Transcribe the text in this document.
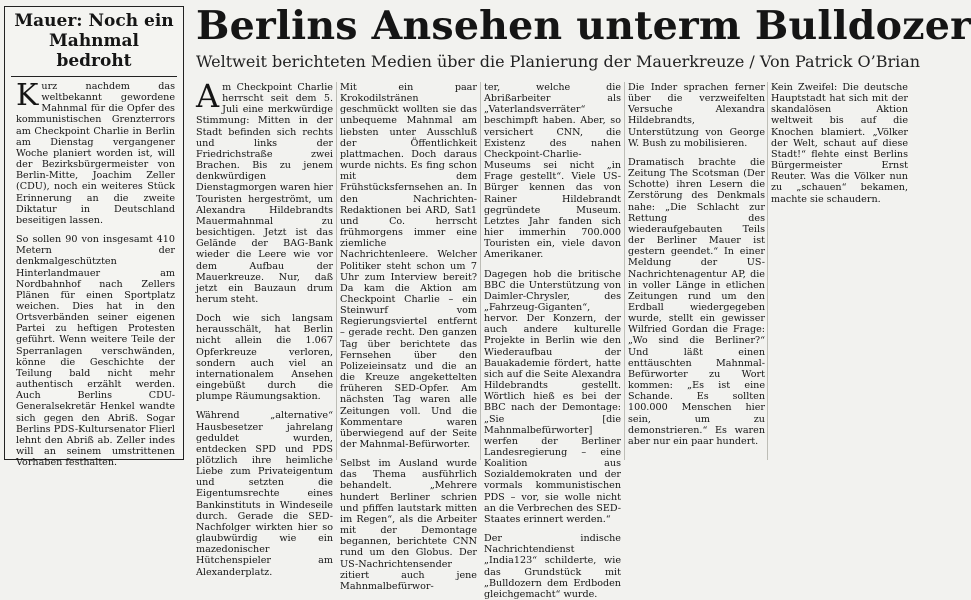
Mauer: Noch ein Mahnmal bedroht

Kurz nachdem das weltbekannt gewordene Mahnmal für die Opfer des kommunistischen Grenzterrors am Checkpoint Charlie in Berlin am Dienstag vergangener Woche planiert worden ist, will der Bezirksbürgermeister von Berlin-Mitte, Joachim Zeller (CDU), noch ein weiteres Stück Erinnerung an die zweite Diktatur in Deutschland beseitigen lassen.

So sollen 90 von insgesamt 410 Metern der denkmalgeschützten Hinterlandmauer am Nordbahnhof nach Zellers Plänen für einen Sportplatz weichen. Dies hat in den Ortsverbänden seiner eigenen Partei zu heftigen Protesten geführt. Wenn weitere Teile der Sperranlagen verschwänden, könne die Geschichte der Teilung bald nicht mehr authentisch erzählt werden. Auch Berlins CDU-Generalsekretär Henkel wandte sich gegen den Abriß. Sogar Berlins PDS-Kultursenator Flierl lehnt den Abriß ab. Zeller indes will an seinem umstrittenen Vorhaben festhalten.

Berlins Ansehen unterm Bulldozer
Weltweit berichteten Medien über die Planierung der Mauerkreuze / Von Patrick O’Brian

Am Checkpoint Charlie herrscht seit dem 5. Juli eine merkwürdige Stimmung: Mitten in der Stadt befinden sich rechts und links der Friedrichstraße zwei Brachen. Bis zu jenem denkwürdigen Dienstagmorgen waren hier Touristen hergeströmt, um Alexandra Hildebrandts Mauermahnmal zu besichtigen. Jetzt ist das Gelände der BAG-Bank wieder die Leere wie vor dem Aufbau der Mauerkreuze. Nur, daß jetzt ein Bauzaun drum herum steht.

Doch wie sich langsam herausschält, hat Berlin nicht allein die 1.067 Opferkreuze verloren, sondern auch viel an internationalem Ansehen eingebüßt durch die plumpe Räumungsaktion.

Während „alternative“ Hausbesetzer jahrelang geduldet wurden, entdecken SPD und PDS plötzlich ihre heimliche Liebe zum Privateigentum und setzten die Eigentumsrechte eines Bankinstituts in Windeseile durch. Gerade die SED-Nachfolger wirkten hier so glaubwürdig wie ein mazedonischer Hütchenspieler am Alexanderplatz.

Mit ein paar Krokodilstränen geschmückt wollten sie das unbequeme Mahnmal am liebsten unter Ausschluß der Öffentlichkeit plattmachen. Doch daraus wurde nichts. Es fing schon mit dem Frühstücksfernsehen an. In den Nachrichten-Redaktionen bei ARD, Sat1 und Co. herrscht frühmorgens immer eine ziemliche Nachrichtenleere. Welcher Politiker steht schon um 7 Uhr zum Interview bereit? Da kam die Aktion am Checkpoint Charlie – ein Steinwurf vom Regierungsviertel entfernt – gerade recht. Den ganzen Tag über berichtete das Fernsehen über den Polizeieinsatz und die an die Kreuze angekettelten früheren SED-Opfer. Am nächsten Tag waren alle Zeitungen voll. Und die Kommentare waren überwiegend auf der Seite der Mahnmal-Befürworter.

Selbst im Ausland wurde das Thema ausführlich behandelt. „Mehrere hundert Berliner schrien und pfiffen lautstark mitten im Regen“, als die Arbeiter mit der Demontage begannen, berichtete CNN rund um den Globus. Der US-Nachrichtensender zitiert auch jene Mahnmalbefürwor-

ter, welche die Abrißarbeiter als „Vaterlandsverräter“ beschimpft haben. Aber, so versichert CNN, die Existenz des nahen Checkpoint-Charlie-Museums sei nicht „in Frage gestellt“. Viele US-Bürger kennen das von Rainer Hildebrandt gegründete Museum. Letztes Jahr fanden sich hier immerhin 700.000 Touristen ein, viele davon Amerikaner.

Dagegen hob die britische BBC die Unterstützung von Daimler-Chrysler, des „Fahrzeug-Giganten“, hervor. Der Konzern, der auch andere kulturelle Projekte in Berlin wie den Wiederaufbau der Bauakademie fördert, hatte sich auf die Seite Alexandra Hildebrandts gestellt. Wörtlich hieß es bei der BBC nach der Demontage: „Sie [die Mahnmalbefürworter] werfen der Berliner Landesregierung – eine Koalition aus Sozialdemokraten und der vormals kommunistischen PDS – vor, sie wolle nicht an die Verbrechen des SED-Staates erinnert werden.“

Der indische Nachrichtendienst „India123“ schilderte, wie das Grundstück mit „Bulldozern dem Erdboden gleichgemacht“ wurde.

Die Inder sprachen ferner über die verzweifelten Versuche Alexandra Hildebrandts, Unterstützung von George W. Bush zu mobilisieren.

Dramatisch brachte die Zeitung The Scotsman (Der Schotte) ihren Lesern die Zerstörung des Denkmals nahe: „Die Schlacht zur Rettung des wiederaufgebauten Teils der Berliner Mauer ist gestern geendet.“ In einer Meldung der US-Nachrichtenagentur AP, die in voller Länge in etlichen Zeitungen rund um den Erdball wiedergegeben wurde, stellt ein gewisser Wilfried Gordan die Frage: „Wo sind die Berliner?“ Und läßt einen enttäuschten Mahnmal-Befürworter zu Wort kommen: „Es ist eine Schande. Es sollten 100.000 Menschen hier sein, um zu demonstrieren.“ Es waren aber nur ein paar hundert.

Kein Zweifel: Die deutsche Hauptstadt hat sich mit der skandalösen Aktion weltweit bis auf die Knochen blamiert. „Völker der Welt, schaut auf diese Stadt!“ flehte einst Berlins Bürgermeister Ernst Reuter. Was die Völker nun zu „schauen“ bekamen, machte sie schaudern.
